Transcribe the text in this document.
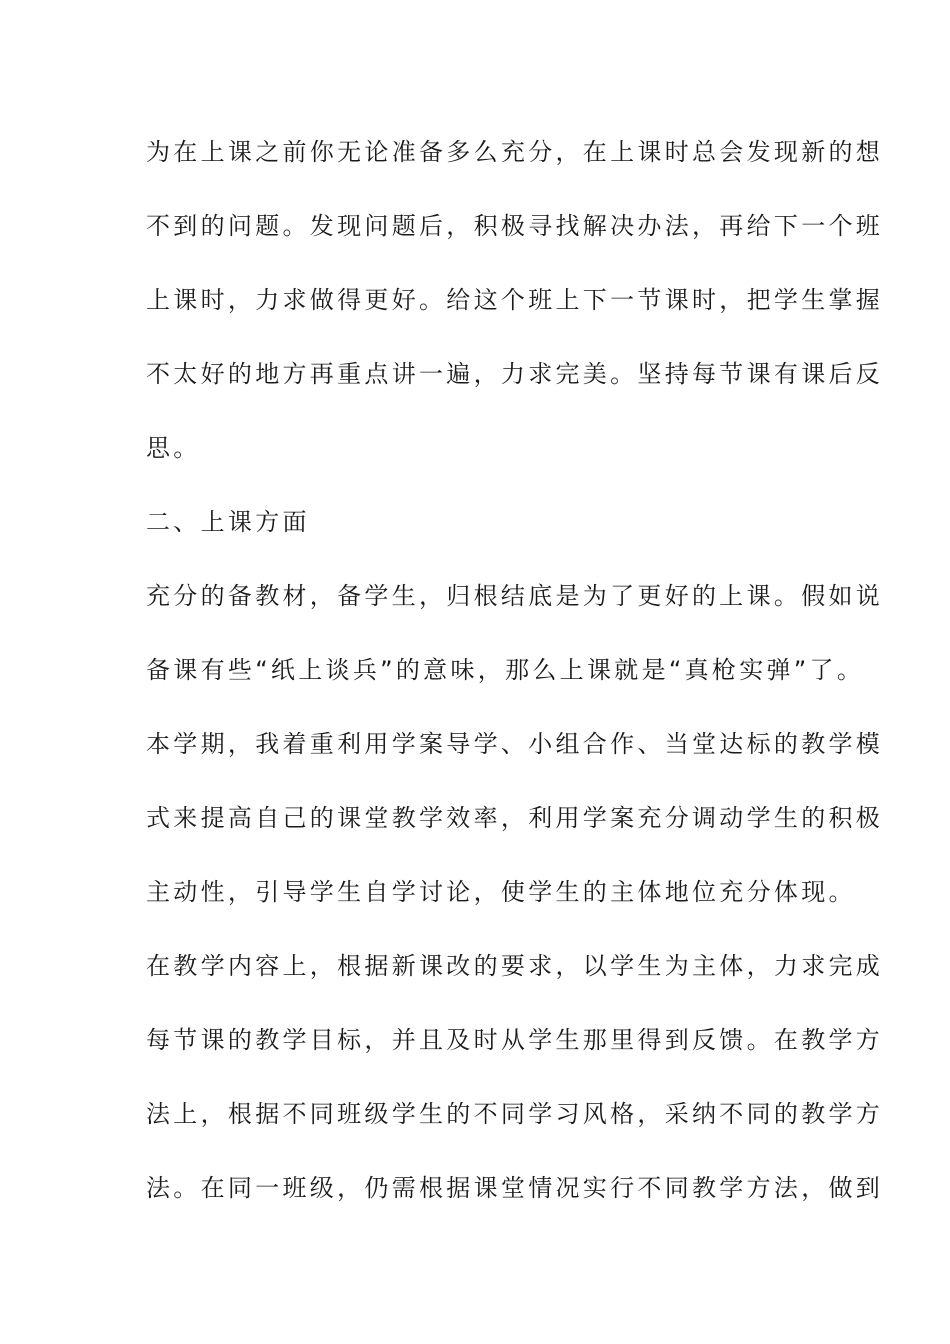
为在上课之前你无论准备多么充分，在上课时总会发现新的想

不到的问题。发现问题后，积极寻找解决办法，再给下一个班

上课时，力求做得更好。给这个班上下一节课时，把学生掌握

不太好的地方再重点讲一遍，力求完美。坚持每节课有课后反

思。

二、上课方面

充分的备教材，备学生，归根结底是为了更好的上课。假如说

备课有些“纸上谈兵”的意味，那么上课就是“真枪实弹”了。

本学期，我着重利用学案导学、小组合作、当堂达标的教学模

式来提高自己的课堂教学效率，利用学案充分调动学生的积极

主动性，引导学生自学讨论，使学生的主体地位充分体现。

在教学内容上，根据新课改的要求，以学生为主体，力求完成

每节课的教学目标，并且及时从学生那里得到反馈。在教学方

法上，根据不同班级学生的不同学习风格，采纳不同的教学方

法。在同一班级，仍需根据课堂情况实行不同教学方法，做到
